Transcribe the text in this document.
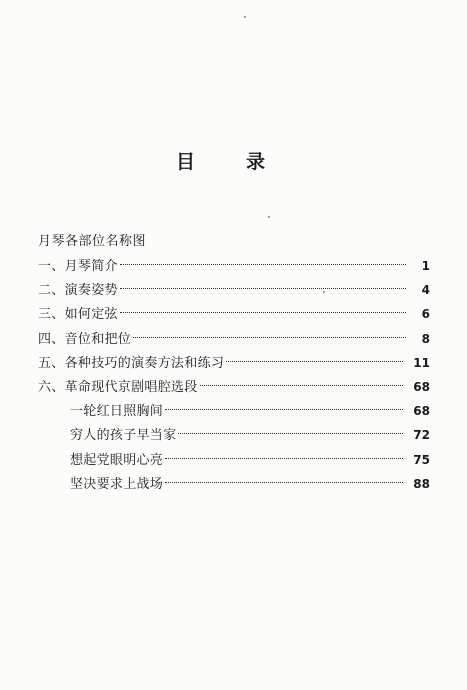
目	录
月琴各部位名称图
一、月琴简介	1
二、演奏姿势	4
三、如何定弦	6
四、音位和把位	8
五、各种技巧的演奏方法和练习	11
六、革命现代京剧唱腔选段	68
一轮红日照胸间	68
穷人的孩子早当家	72
想起党眼明心亮	75
坚决要求上战场	88
